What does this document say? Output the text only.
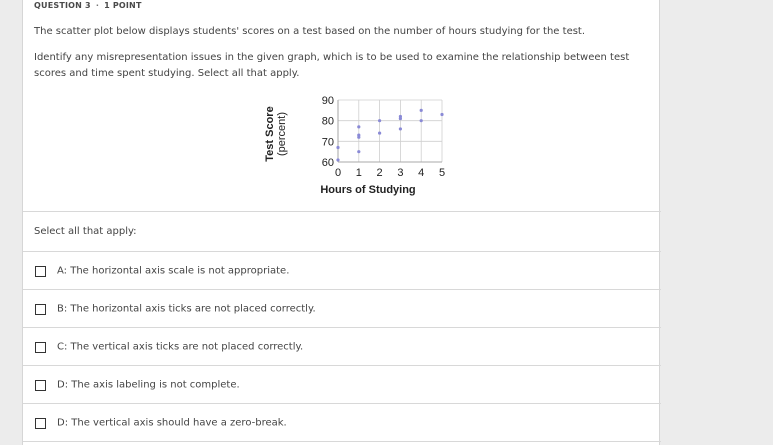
QUESTION 3 · 1 POINT
The scatter plot below displays students' scores on a test based on the number of hours studying for the test.
Identify any misrepresentation issues in the given graph, which is to be used to examine the relationship between test scores and time spent studying. Select all that apply.
60
70
80
90
0 1 2 3 4 5
Test Score (percent)
Hours of Studying
Select all that apply:
A: The horizontal axis scale is not appropriate.
B: The horizontal axis ticks are not placed correctly.
C: The vertical axis ticks are not placed correctly.
D: The axis labeling is not complete.
D: The vertical axis should have a zero-break.
